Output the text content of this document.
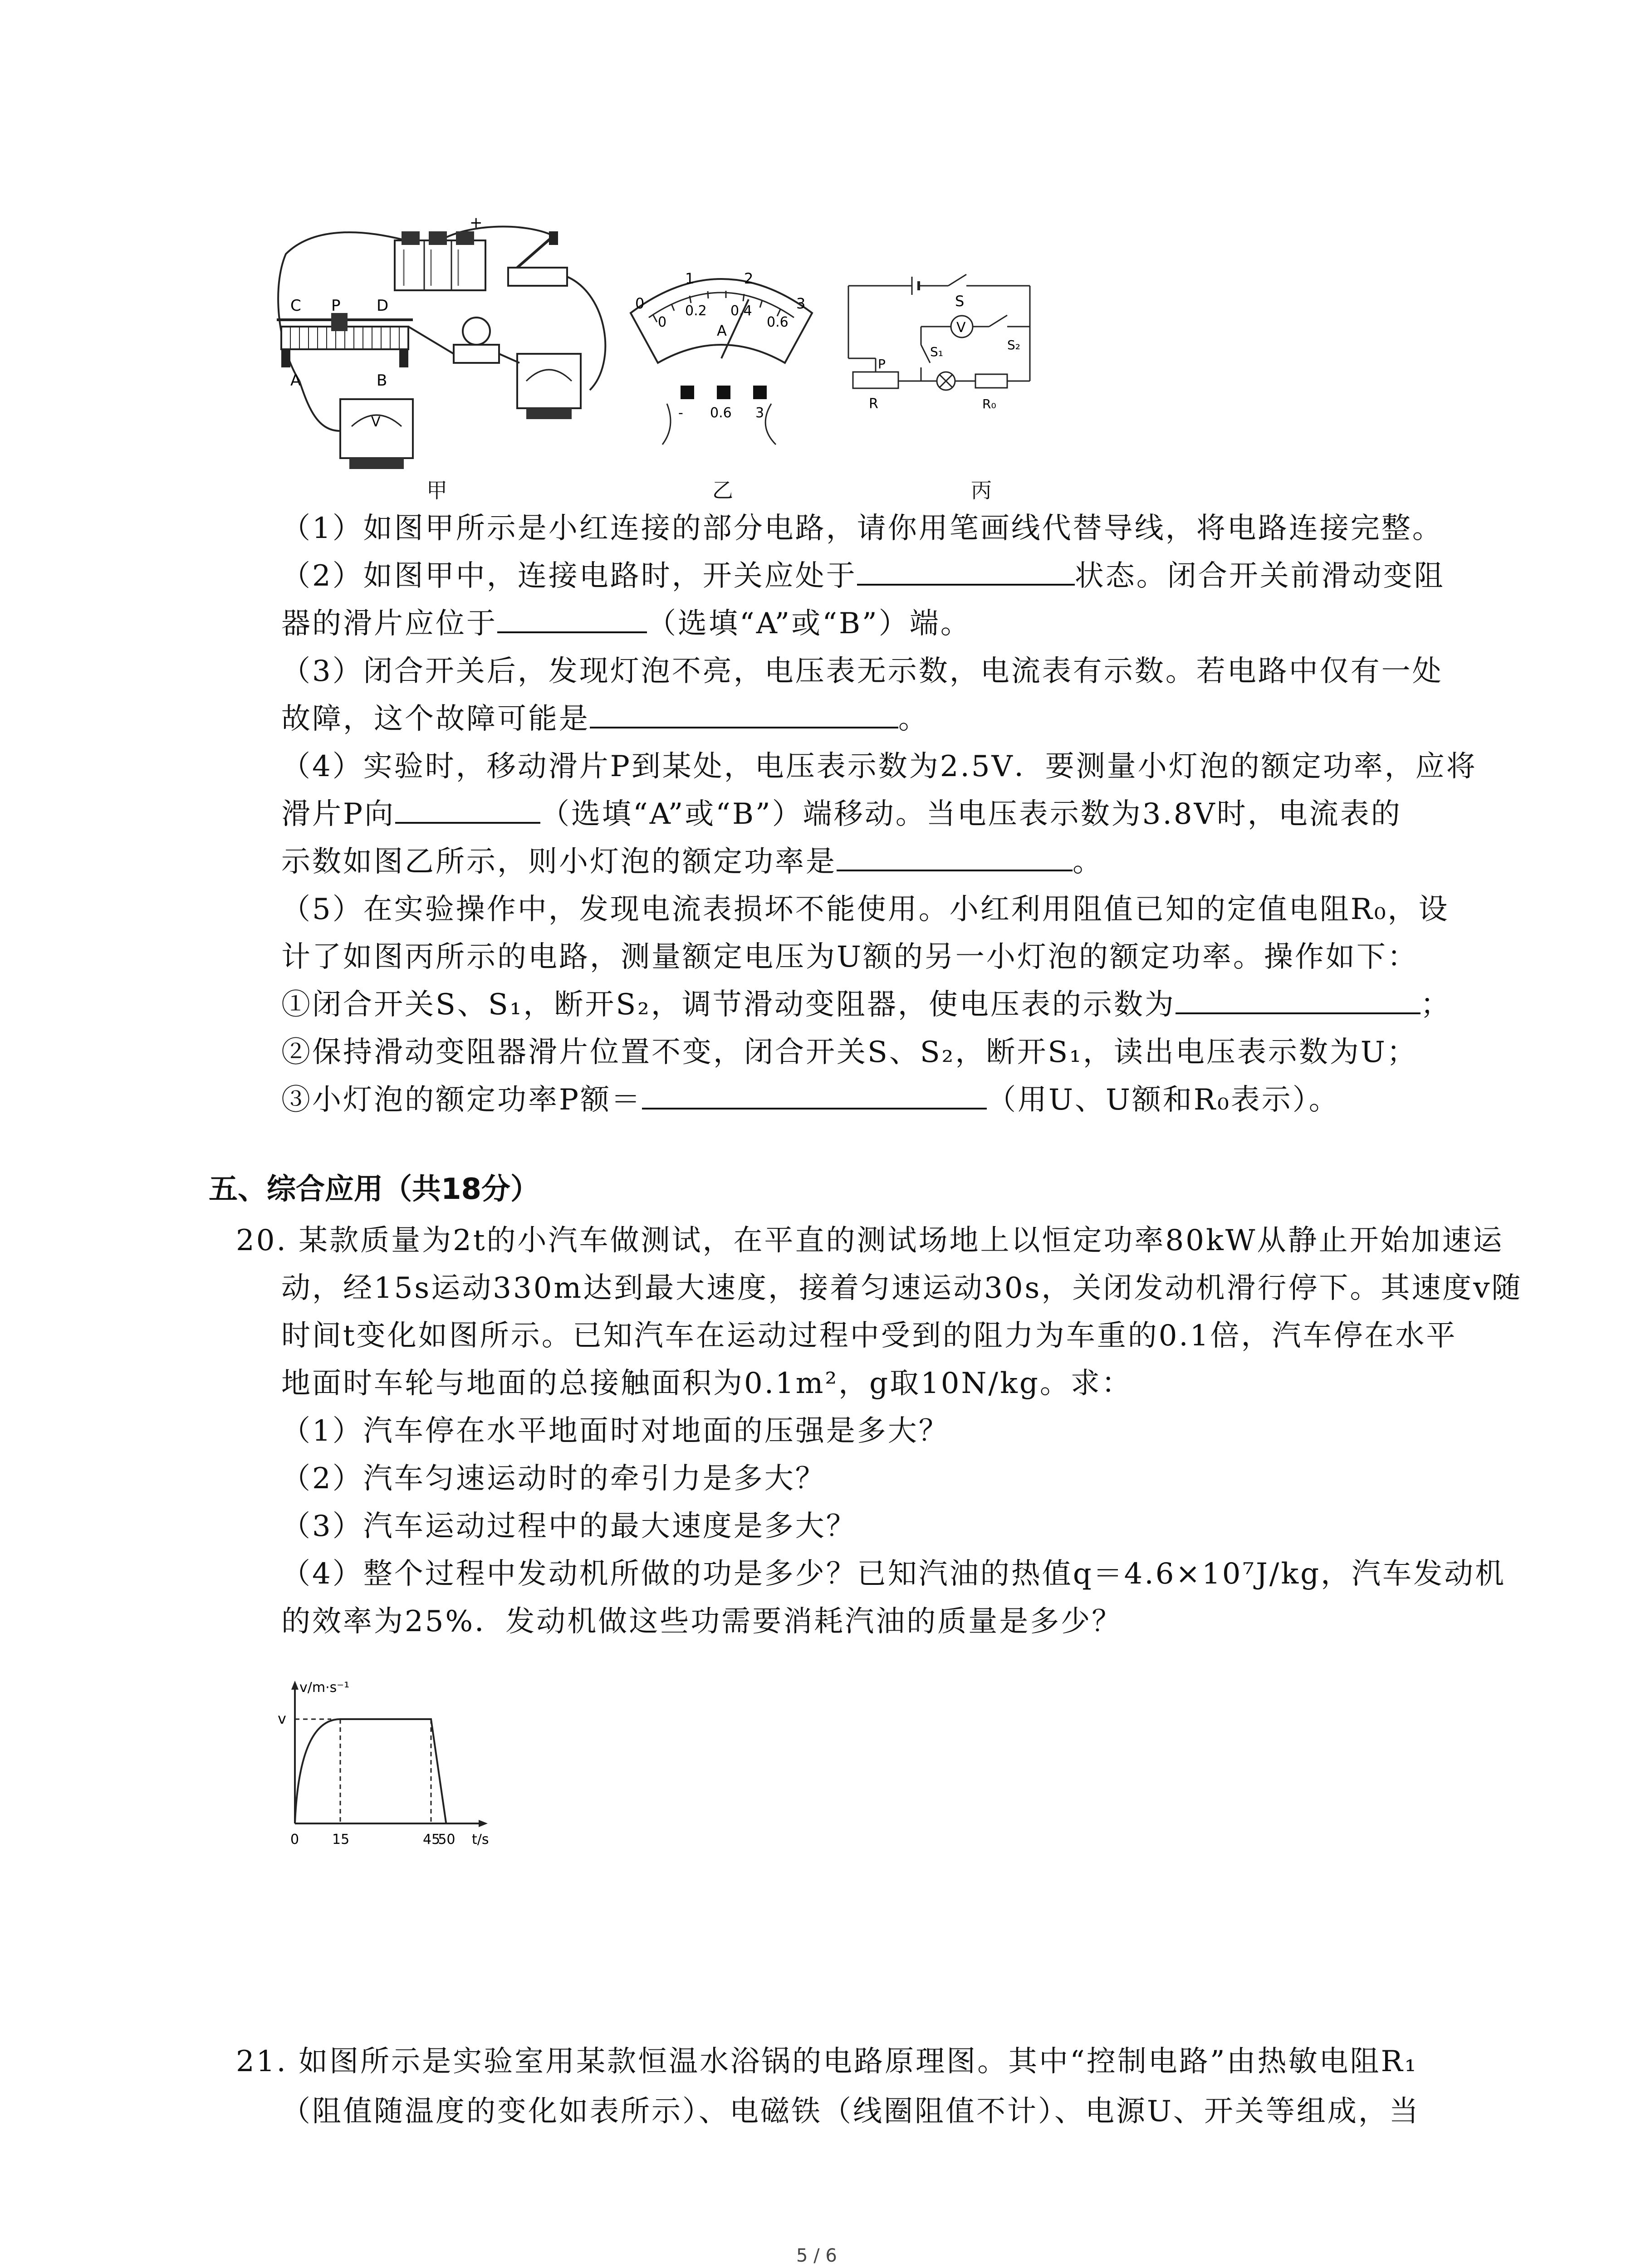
+
C P D
A	B
V
甲
0
1	2
3
0
0.2 0.4
0.6
A
- 0.6 3
乙
S
V
S₂
S₁
P
R	R₀
丙
（1）如图甲所示是小红连接的部分电路，请你用笔画线代替导线，将电路连接完整。
（2）如图甲中，连接电路时，开关应处于	状态。闭合开关前滑动变阻
器的滑片应位于	（选填“A”或“B”）端。
（3）闭合开关后，发现灯泡不亮，电压表无示数，电流表有示数。若电路中仅有一处
故障，这个故障可能是	。
（4）实验时，移动滑片P到某处，电压表示数为2.5V．要测量小灯泡的额定功率，应将
滑片P向	（选填“A”或“B”）端移动。当电压表示数为3.8V时，电流表的
示数如图乙所示，则小灯泡的额定功率是	。
（5）在实验操作中，发现电流表损坏不能使用。小红利用阻值已知的定值电阻R₀，设
计了如图丙所示的电路，测量额定电压为U额的另一小灯泡的额定功率。操作如下：
①闭合开关S、S₁，断开S₂，调节滑动变阻器，使电压表的示数为	；
②保持滑动变阻器滑片位置不变，闭合开关S、S₂，断开S₁，读出电压表示数为U；
③小灯泡的额定功率P额＝	（用U、U额和R₀表示）。
五、综合应用（共18分）
20. 某款质量为2t的小汽车做测试，在平直的测试场地上以恒定功率80kW从静止开始加速运
动，经15s运动330m达到最大速度，接着匀速运动30s，关闭发动机滑行停下。其速度v随
时间t变化如图所示。已知汽车在运动过程中受到的阻力为车重的0.1倍，汽车停在水平
地面时车轮与地面的总接触面积为0.1m²，g取10N/kg。求：
（1）汽车停在水平地面时对地面的压强是多大？
（2）汽车匀速运动时的牵引力是多大？
（3）汽车运动过程中的最大速度是多大？
（4）整个过程中发动机所做的功是多少？已知汽油的热值q＝4.6×10⁷J/kg，汽车发动机
的效率为25%．发动机做这些功需要消耗汽油的质量是多少？
v/m·s⁻¹
t/s
v
0 15	45
50
21. 如图所示是实验室用某款恒温水浴锅的电路原理图。其中“控制电路”由热敏电阻R₁
（阻值随温度的变化如表所示）、电磁铁（线圈阻值不计）、电源U、开关等组成，当
5 / 6
